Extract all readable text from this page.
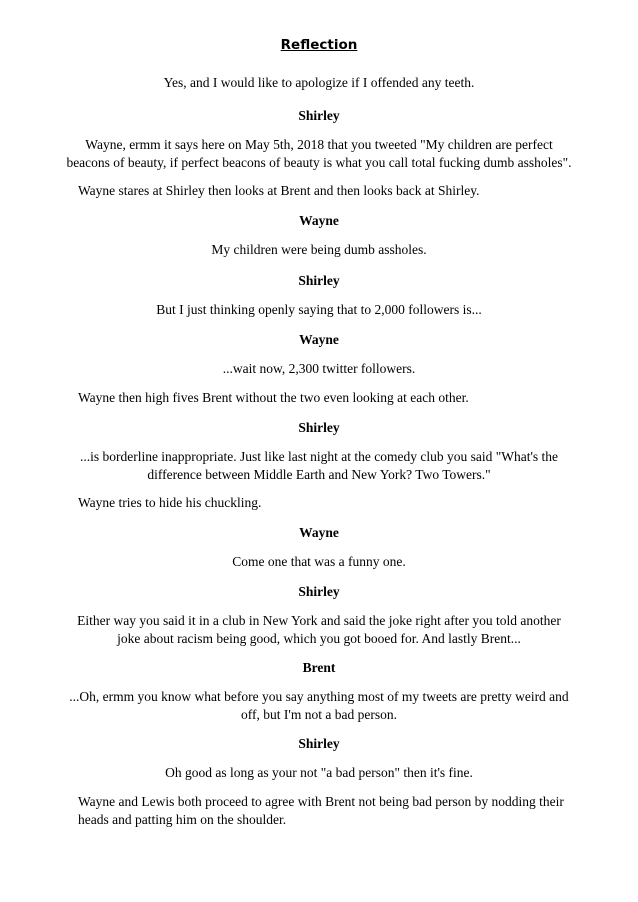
Reflection
Yes, and I would like to apologize if I offended any teeth.
Shirley
Wayne, ermm it says here on May 5th, 2018 that you tweeted "My children are perfect
beacons of beauty, if perfect beacons of beauty is what you call total fucking dumb assholes".
Wayne stares at Shirley then looks at Brent and then looks back at Shirley.
Wayne
My children were being dumb assholes.
Shirley
But I just thinking openly saying that to 2,000 followers is...
Wayne
...wait now, 2,300 twitter followers.
Wayne then high fives Brent without the two even looking at each other.
Shirley
...is borderline inappropriate. Just like last night at the comedy club you said "What's the
difference between Middle Earth and New York? Two Towers."
Wayne tries to hide his chuckling.
Wayne
Come one that was a funny one.
Shirley
Either way you said it in a club in New York and said the joke right after you told another
joke about racism being good, which you got booed for. And lastly Brent...
Brent
...Oh, ermm you know what before you say anything most of my tweets are pretty weird and
off, but I'm not a bad person.
Shirley
Oh good as long as your not "a bad person" then it's fine.
Wayne and Lewis both proceed to agree with Brent not being bad person by nodding their
heads and patting him on the shoulder.
